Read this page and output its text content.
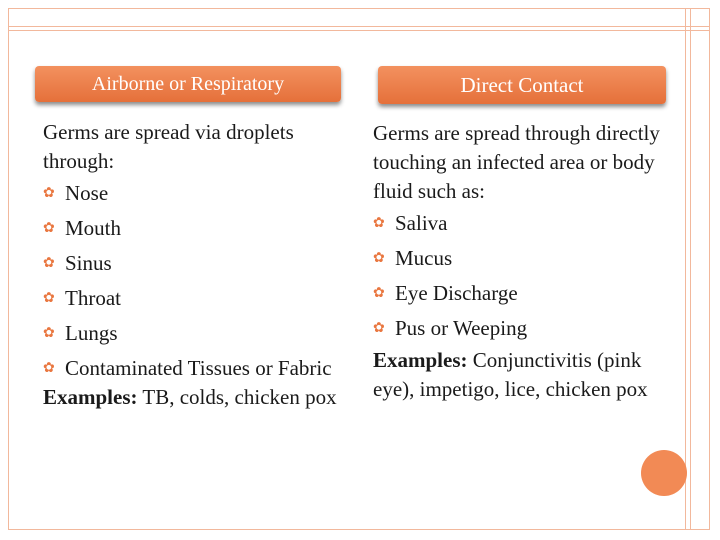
Airborne or Respiratory	Direct Contact

Germs are spread via droplets through:

✿ Nose
✿ Mouth
✿ Sinus
✿ Throat
✿ Lungs
✿ Contaminated Tissues or Fabric

Examples: TB, colds, chicken pox

Germs are spread through directly touching an infected area or body fluid such as:

✿ Saliva
✿ Mucus
✿ Eye Discharge
✿ Pus or Weeping

Examples: Conjunctivitis (pink eye), impetigo, lice, chicken pox
